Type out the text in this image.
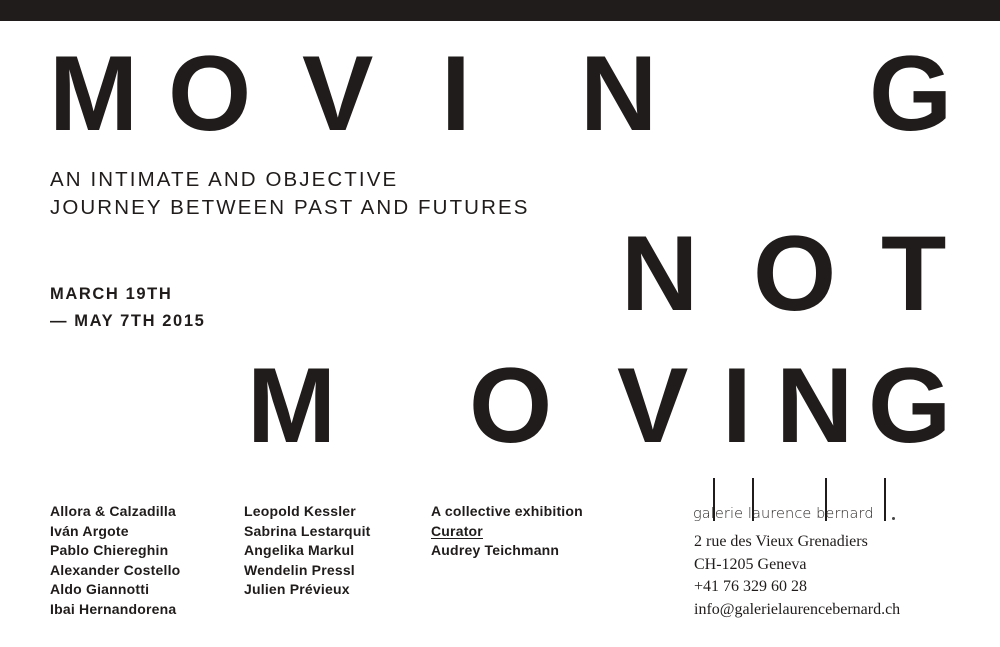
M O V I N G
N O T
M O V I N G
AN INTIMATE AND OBJECTIVE
JOURNEY BETWEEN PAST AND FUTURES
MARCH 19TH
— MAY 7TH 2015
Allora & Calzadilla
Iván Argote
Pablo Chiereghin
Alexander Costello
Aldo Giannotti
Ibai Hernandorena
Leopold Kessler
Sabrina Lestarquit
Angelika Markul
Wendelin Pressl
Julien Prévieux
A collective exhibition
Curator
Audrey Teichmann
galerie laurence bernard
2 rue des Vieux Grenadiers
CH-1205 Geneva
+41 76 329 60 28
info@galerielaurencebernard.ch
